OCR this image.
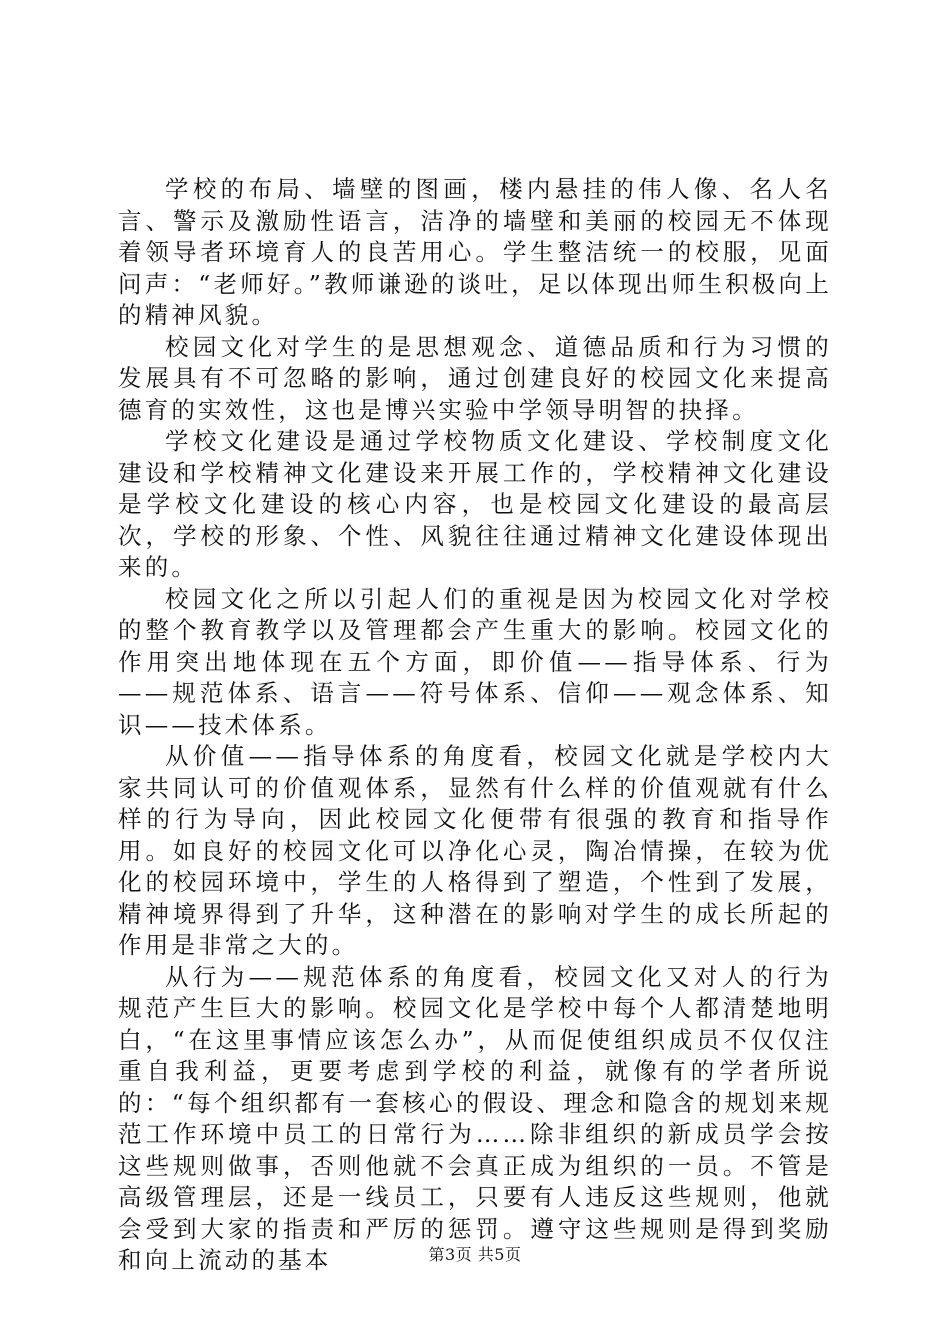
学校的布局、墙壁的图画，楼内悬挂的伟人像、名人名言、警示及激励性语言，洁净的墙壁和美丽的校园无不体现着领导者环境育人的良苦用心。学生整洁统一的校服，见面问声：“老师好。”教师谦逊的谈吐，足以体现出师生积极向上的精神风貌。

校园文化对学生的是思想观念、道德品质和行为习惯的发展具有不可忽略的影响，通过创建良好的校园文化来提高德育的实效性，这也是博兴实验中学领导明智的抉择。

学校文化建设是通过学校物质文化建设、学校制度文化建设和学校精神文化建设来开展工作的，学校精神文化建设是学校文化建设的核心内容，也是校园文化建设的最高层次，学校的形象、个性、风貌往往通过精神文化建设体现出来的。

校园文化之所以引起人们的重视是因为校园文化对学校的整个教育教学以及管理都会产生重大的影响。校园文化的作用突出地体现在五个方面，即价值——指导体系、行为——规范体系、语言——符号体系、信仰——观念体系、知识——技术体系。

从价值——指导体系的角度看，校园文化就是学校内大家共同认可的价值观体系，显然有什么样的价值观就有什么样的行为导向，因此校园文化便带有很强的教育和指导作用。如良好的校园文化可以净化心灵，陶冶情操，在较为优化的校园环境中，学生的人格得到了塑造，个性到了发展，精神境界得到了升华，这种潜在的影响对学生的成长所起的作用是非常之大的。

从行为——规范体系的角度看，校园文化又对人的行为规范产生巨大的影响。校园文化是学校中每个人都清楚地明白，“在这里事情应该怎么办”，从而促使组织成员不仅仅注重自我利益，更要考虑到学校的利益，就像有的学者所说的：“每个组织都有一套核心的假设、理念和隐含的规划来规范工作环境中员工的日常行为……除非组织的新成员学会按这些规则做事，否则他就不会真正成为组织的一员。不管是高级管理层，还是一线员工，只要有人违反这些规则，他就会受到大家的指责和严厉的惩罚。遵守这些规则是得到奖励和向上流动的基本	第3页 共5页
